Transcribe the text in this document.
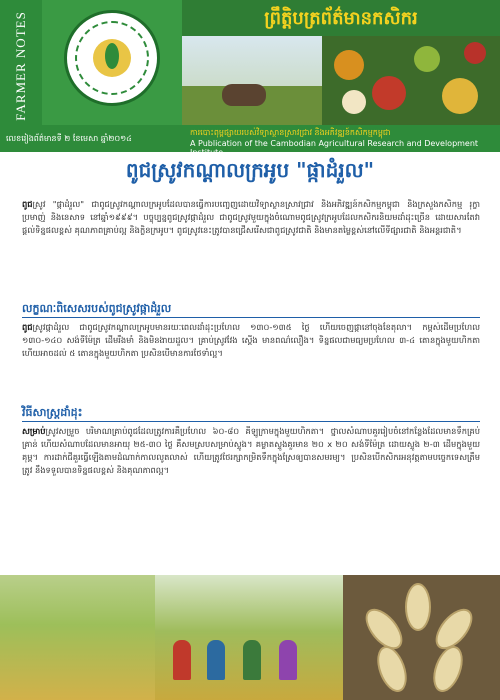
FARMER NOTES	ព្រឹត្តិបត្រព័ត៌មានកសិករ
លេខរៀងព័ត៌មានទី ២ ខែមេសា ឆ្នាំ២០១៤
ការបោះពុម្ពផ្សាយរបស់វិទ្យាស្ថានស្រាវជ្រាវ និងអភិវឌ្ឍន៍កសិកម្មកម្ពុជា
A Publication of the Cambodian Agricultural Research and Development Institute
ពូជស្រូវកណ្តាលក្រអូប "ផ្កាដំរួល"
ពូជស្រូវ "ផ្កាដំរួល" ជាពូជស្រូវកណ្តាលក្រអូបដែលបានធ្វើការបញ្ចេញដោយវិទ្យាស្ថានស្រាវជ្រាវ និងអភិវឌ្ឍន៍កសិកម្មកម្ពុជា និងក្រសួងកសិកម្ម រុក្ខាប្រមាញ់ និងនេសាទ នៅឆ្នាំ១៩៩៩។ បច្ចុប្បន្នពូជស្រូវផ្កាដំរួល ជាពូជស្រូវមួយក្នុងចំណោមពូជស្រូវក្រអូបដែលកសិករនិយមដាំដុះច្រើន ដោយសារតែវាផ្តល់ទិន្នផលខ្ពស់ គុណភាពគ្រាប់ល្អ និងក្លិនក្រអូប។ ពូជស្រូវនេះត្រូវបានជ្រើសរើសជាពូជស្រូវជាតិ និងមានតម្លៃខ្ពស់នៅលើទីផ្សារជាតិ និងអន្តរជាតិ។
លក្ខណៈពិសេសរបស់ពូជស្រូវផ្កាដំរួល
ពូជស្រូវផ្កាដំរួល ជាពូជស្រូវកណ្តាលក្រអូបមានរយៈពេលដាំដុះប្រហែល ១៣០-១៣៥ ថ្ងៃ ហើយចេញផ្កានៅចុងខែតុលា។ កម្ពស់ដើមប្រហែល ១៣០-១៤០ សង់ទីម៉ែត្រ ដើមរឹងមាំ និងមិនងាយដួល។ គ្រាប់ស្រូវវែង ស្តើង មានពណ៌លឿង។ ទិន្នផលជាមធ្យមប្រហែល ៣-៤ តោនក្នុងមួយហិកតា ហើយអាចដល់ ៥ តោនក្នុងមួយហិកតា ប្រសិនបើមានការថែទាំល្អ។
វិធីសាស្ត្រដាំដុះ
សម្រាប់ស្រូវសម្រួច បរិមាណគ្រាប់ពូជដែលត្រូវការគឺប្រហែល ៦០-៨០ គីឡូក្រាមក្នុងមួយហិកតា។ ថ្នាលសំណាបគួររៀបចំនៅកន្លែងដែលមានទឹកគ្រប់គ្រាន់ ហើយសំណាបដែលមានអាយុ ២៥-៣០ ថ្ងៃ គឺសមស្របសម្រាប់ស្ទូង។ គម្លាតស្ទូងគួរមាន ២០ x ២០ សង់ទីម៉ែត្រ ដោយស្ទូង ២-៣ ដើមក្នុងមួយគុម្ព។ ការដាក់ជីគួរធ្វើឡើងតាមដំណាក់កាលលូតលាស់ ហើយត្រូវថែរក្សាកម្រិតទឹកក្នុងស្រែឲ្យបានសមរម្យ។ ប្រសិនបើកសិករអនុវត្តតាមបច្ចេកទេសត្រឹមត្រូវ នឹងទទួលបានទិន្នផលខ្ពស់ និងគុណភាពល្អ។
